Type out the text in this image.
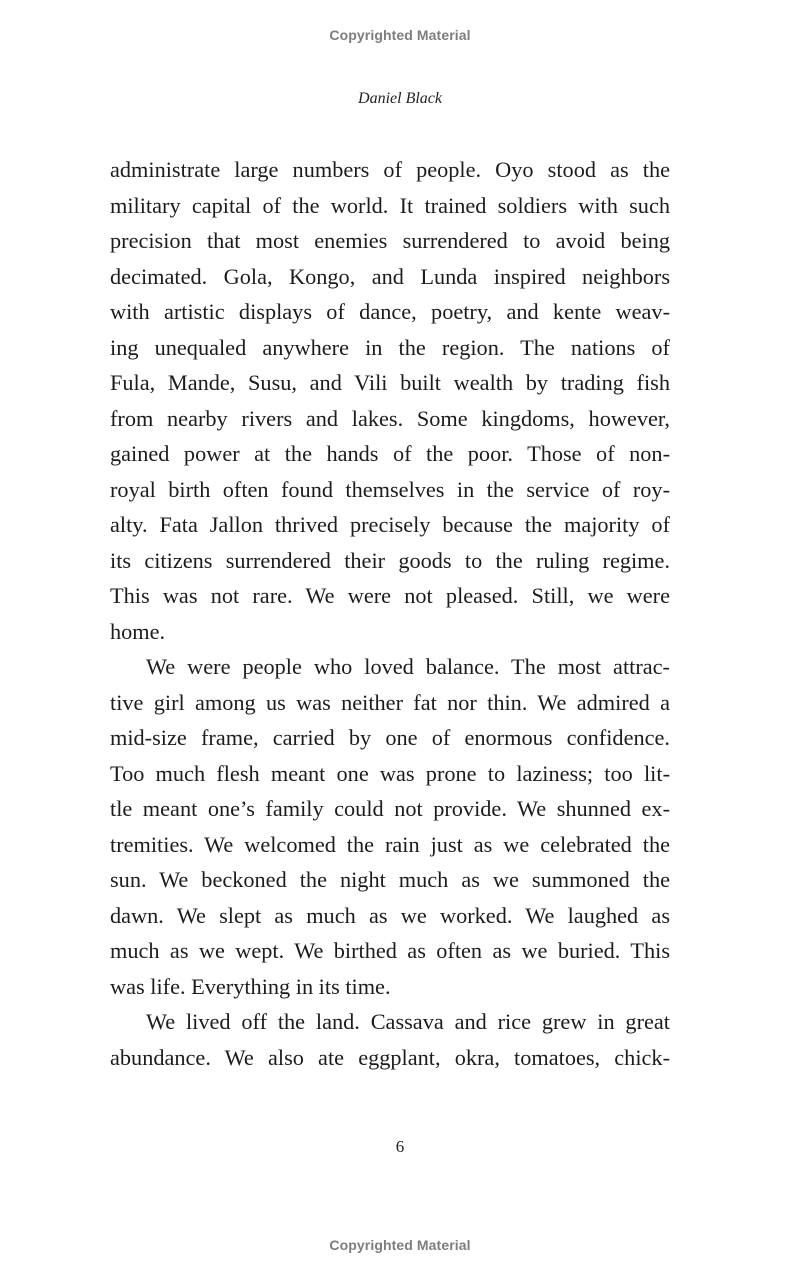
Copyrighted Material
Daniel Black
administrate large numbers of people. Oyo stood as the
military capital of the world. It trained soldiers with such
precision that most enemies surrendered to avoid being
decimated. Gola, Kongo, and Lunda inspired neighbors
with artistic displays of dance, poetry, and kente weav-
ing unequaled anywhere in the region. The nations of
Fula, Mande, Susu, and Vili built wealth by trading fish
from nearby rivers and lakes. Some kingdoms, however,
gained power at the hands of the poor. Those of non-
royal birth often found themselves in the service of roy-
alty. Fata Jallon thrived precisely because the majority of
its citizens surrendered their goods to the ruling regime.
This was not rare. We were not pleased. Still, we were
home.
We were people who loved balance. The most attrac-
tive girl among us was neither fat nor thin. We admired a
mid-size frame, carried by one of enormous confidence.
Too much flesh meant one was prone to laziness; too lit-
tle meant one’s family could not provide. We shunned ex-
tremities. We welcomed the rain just as we celebrated the
sun. We beckoned the night much as we summoned the
dawn. We slept as much as we worked. We laughed as
much as we wept. We birthed as often as we buried. This
was life. Everything in its time.
We lived off the land. Cassava and rice grew in great
abundance. We also ate eggplant, okra, tomatoes, chick-
6
Copyrighted Material
